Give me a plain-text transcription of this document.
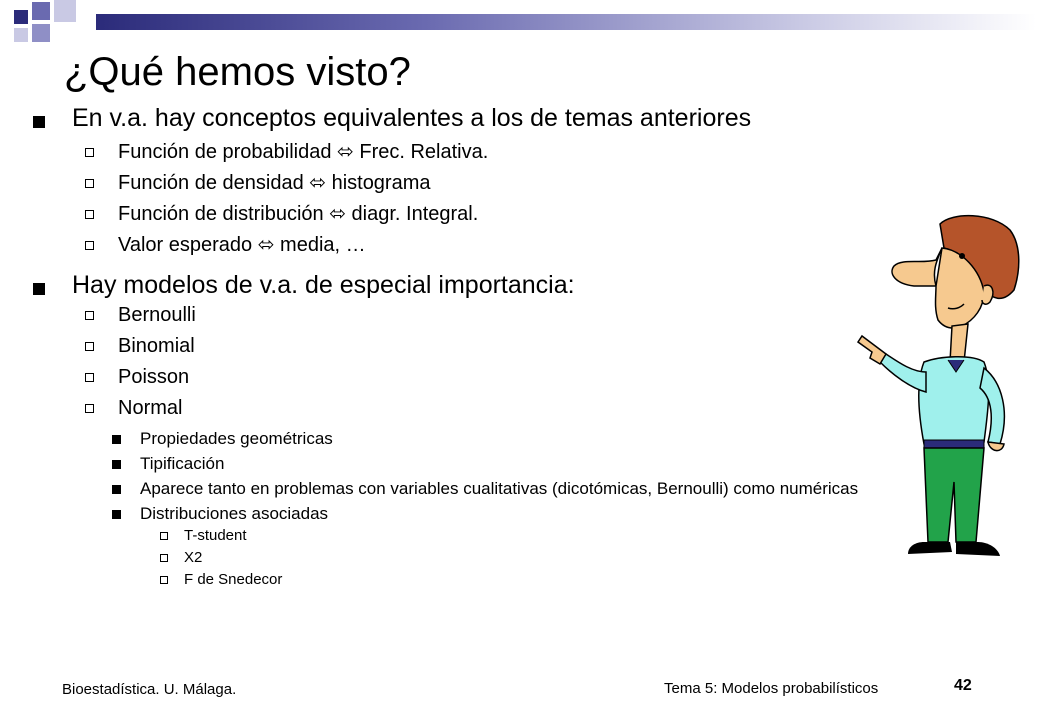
¿Qué hemos visto?
En v.a. hay conceptos equivalentes a los de temas anteriores
Función de probabilidad ⬄ Frec. Relativa.
Función de densidad ⬄ histograma
Función de distribución ⬄ diagr. Integral.
Valor esperado ⬄ media, …
Hay modelos de v.a. de especial importancia:
Bernoulli
Binomial
Poisson
Normal
Propiedades geométricas
Tipificación
Aparece tanto en problemas con variables cualitativas (dicotómicas, Bernoulli) como numéricas
Distribuciones asociadas
T-student
X2
F de Snedecor
Bioestadística. U. Málaga.	Tema 5: Modelos probabilísticos	42
